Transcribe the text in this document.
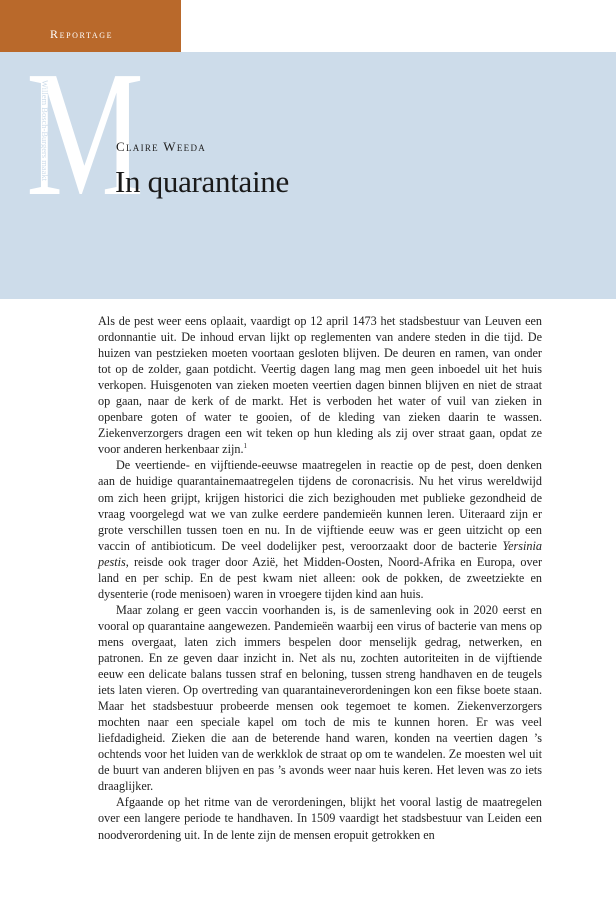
Reportage
M
Willem Bosch-Burgers maakt	Claire Weeda
In quarantaine

Als de pest weer eens oplaait, vaardigt op 12 april 1473 het stadsbestuur van Leuven een ordonnantie uit. De inhoud ervan lijkt op reglementen van andere steden in die tijd. De huizen van pestzieken moeten voortaan gesloten blijven. De deuren en ramen, van onder tot op de zolder, gaan potdicht. Veertig dagen lang mag men geen inboedel uit het huis verkopen. Huisgenoten van zieken moeten veertien dagen binnen blijven en niet de straat op gaan, naar de kerk of de markt. Het is verboden het water of vuil van zieken in openbare goten of water te gooien, of de kleding van zieken daarin te wassen. Ziekenverzorgers dragen een wit teken op hun kleding als zij over straat gaan, opdat ze voor anderen herkenbaar zijn.$^1$

De veertiende- en vijftiende-eeuwse maatregelen in reactie op de pest, doen denken aan de huidige quarantainemaatregelen tijdens de coronacrisis. Nu het virus wereldwijd om zich heen grijpt, krijgen historici die zich bezighouden met publieke gezondheid de vraag voorgelegd wat we van zulke eerdere pandemieën kunnen leren. Uiteraard zijn er grote verschillen tussen toen en nu. In de vijftiende eeuw was er geen uitzicht op een vaccin of antibioticum. De veel dodelijker pest, veroorzaakt door de bacterie Yersinia pestis, reisde ook trager door Azië, het Midden-Oosten, Noord-Afrika en Europa, over land en per schip. En de pest kwam niet alleen: ook de pokken, de zweetziekte en dysenterie (rode menisoen) waren in vroegere tijden kind aan huis.

Maar zolang er geen vaccin voorhanden is, is de samenleving ook in 2020 eerst en vooral op quarantaine aangewezen. Pandemieën waarbij een virus of bacterie van mens op mens overgaat, laten zich immers bespelen door menselijk gedrag, netwerken, en patronen. En ze geven daar inzicht in. Net als nu, zochten autoriteiten in de vijftiende eeuw een delicate balans tussen straf en beloning, tussen streng handhaven en de teugels iets laten vieren. Op overtreding van quarantaineverordeningen kon een fikse boete staan. Maar het stadsbestuur probeerde mensen ook tegemoet te komen. Ziekenverzorgers mochten naar een speciale kapel om toch de mis te kunnen horen. Er was veel liefdadigheid. Zieken die aan de beterende hand waren, konden na veertien dagen ’s ochtends voor het luiden van de werkklok de straat op om te wandelen. Ze moesten wel uit de buurt van anderen blijven en pas ’s avonds weer naar huis keren. Het leven was zo iets draaglijker.

Afgaande op het ritme van de verordeningen, blijkt het vooral lastig de maatregelen over een langere periode te handhaven. In 1509 vaardigt het stadsbestuur van Leiden een noodverordening uit. In de lente zijn de mensen eropuit getrokken en
